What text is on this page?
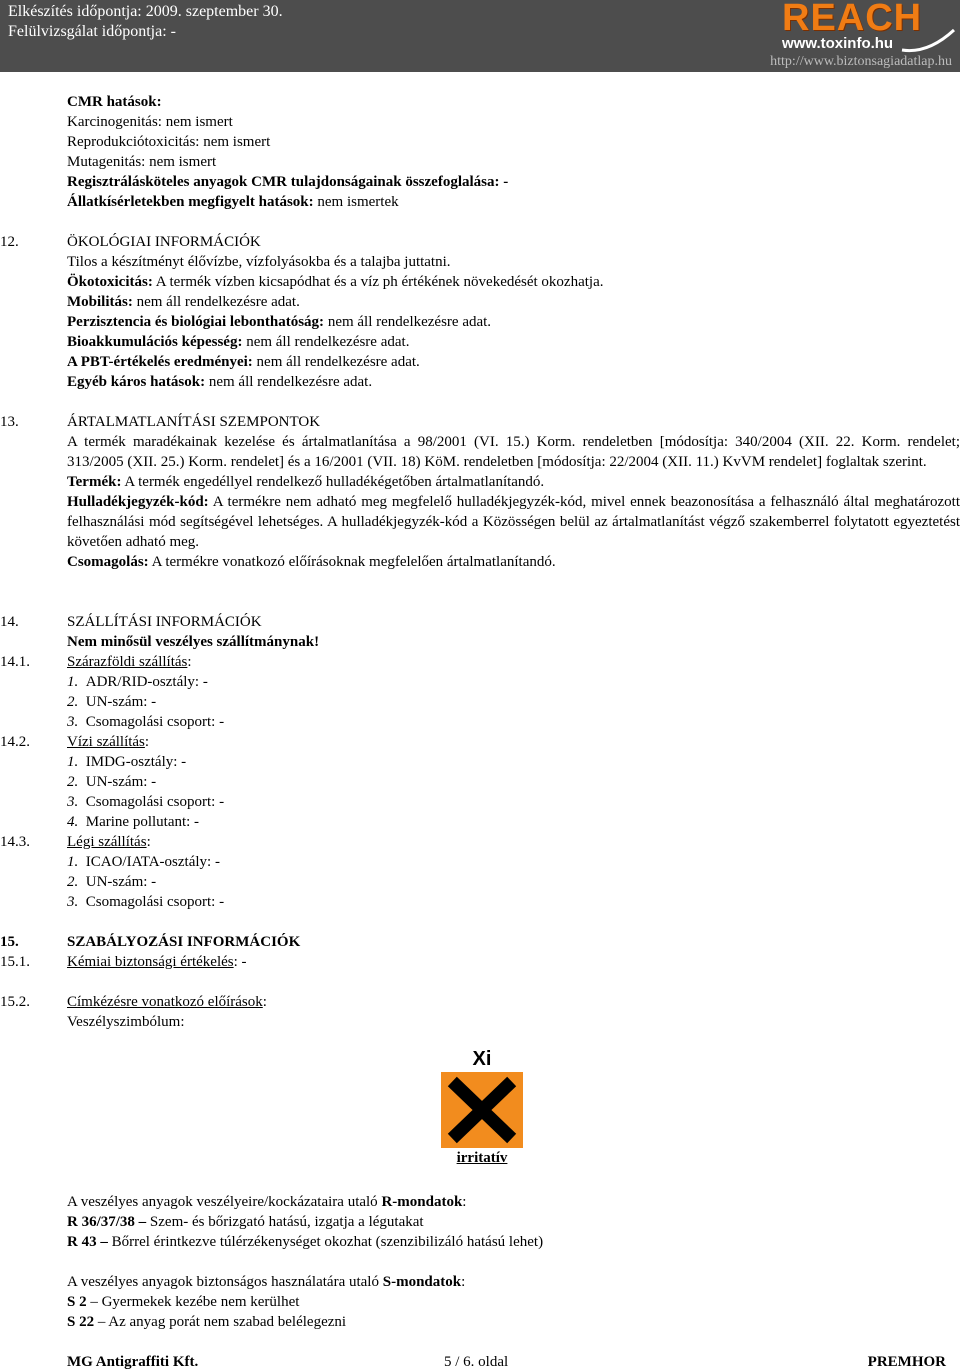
Elkészítés időpontja: 2009. szeptember 30.
Felülvizsgálat időpontja: -	REACH
www.toxinfo.hu
http://www.biztonsagiadatlap.hu
CMR hatások:
Karcinogenitás: nem ismert
Reprodukciótoxicitás: nem ismert
Mutagenitás: nem ismert
Regisztrálásköteles anyagok CMR tulajdonságainak összefoglalása: -
Állatkísérletekben megfigyelt hatások: nem ismertek
12.	ÖKOLÓGIAI INFORMÁCIÓK
Tilos a készítményt élővízbe, vízfolyásokba és a talajba juttatni.
Ökotoxicitás: A termék vízben kicsapódhat és a víz ph értékének növekedését okozhatja.
Mobilitás: nem áll rendelkezésre adat.
Perzisztencia és biológiai lebonthatóság: nem áll rendelkezésre adat.
Bioakkumulációs képesség: nem áll rendelkezésre adat.
A PBT-értékelés eredményei: nem áll rendelkezésre adat.
Egyéb káros hatások: nem áll rendelkezésre adat.
13.	ÁRTALMATLANÍTÁSI SZEMPONTOK
A termék maradékainak kezelése és ártalmatlanítása a 98/2001 (VI. 15.) Korm. rendeletben [módosítja: 340/2004 (XII. 22. Korm. rendelet; 313/2005 (XII. 25.) Korm. rendelet] és a 16/2001 (VII. 18) KöM. rendeletben [módosítja: 22/2004 (XII. 11.) KvVM rendelet] foglaltak szerint.
Termék: A termék engedéllyel rendelkező hulladékégetőben ártalmatlanítandó.
Hulladékjegyzék-kód: A termékre nem adható meg megfelelő hulladékjegyzék-kód, mivel ennek beazonosítása a felhasználó által meghatározott felhasználási mód segítségével lehetséges. A hulladékjegyzék-kód a Közösségen belül az ártalmatlanítást végző szakemberrel folytatott egyeztetést követően adható meg.
Csomagolás: A termékre vonatkozó előírásoknak megfelelően ártalmatlanítandó.
14.	SZÁLLÍTÁSI INFORMÁCIÓK
Nem minősül veszélyes szállítmánynak!
14.1. Szárazföldi szállítás:
1. ADR/RID-osztály: -
2. UN-szám: -
3. Csomagolási csoport: -
14.2. Vízi szállítás:
1. IMDG-osztály: -
2. UN-szám: -
3. Csomagolási csoport: -
4. Marine pollutant: -
14.3. Légi szállítás:
1. ICAO/IATA-osztály: -
2. UN-szám: -
3. Csomagolási csoport: -
15.	SZABÁLYOZÁSI INFORMÁCIÓK
15.1. Kémiai biztonsági értékelés: -
15.2. Címkézésre vonatkozó előírások:
Veszélyszimbólum:
Xi
irritatív
A veszélyes anyagok veszélyeire/kockázataira utaló R-mondatok:
R 36/37/38 – Szem- és bőrizgató hatású, izgatja a légutakat
R 43 – Bőrrel érintkezve túlérzékenységet okozhat (szenzibilizáló hatású lehet)
A veszélyes anyagok biztonságos használatára utaló S-mondatok:
S 2 – Gyermekek kezébe nem kerülhet
S 22 – Az anyag porát nem szabad belélegezni
MG Antigraffiti Kft.	5 / 6. oldal	PREMHOR
